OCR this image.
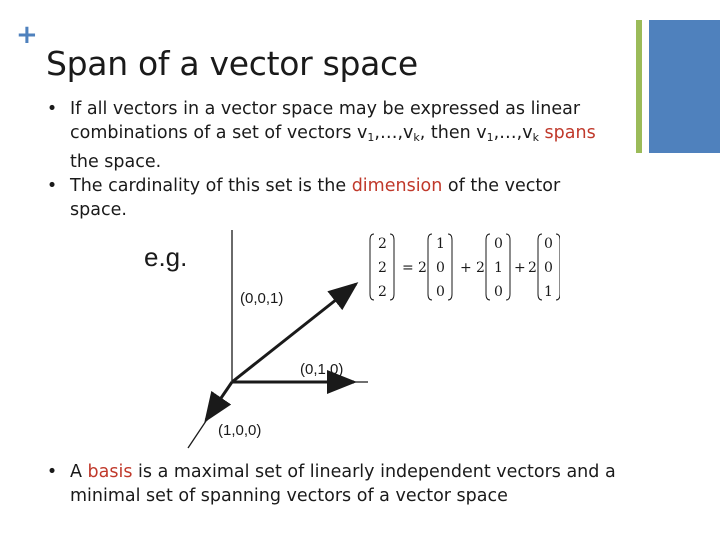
+
Span of a vector space
• If all vectors in a vector space may be expressed as linear combinations of a set of vectors $v_1,\dots,v_k$, then $v_1,\dots,v_k$ spans the space.
• The cardinality of this set is the dimension of the vector space.
e.g.
(0,0,1)
(0,1,0)
(1,0,0)
2
2
2
= 2
1
0
0
+ 2
0
1
0
+ 2
0
0
1
• A basis is a maximal set of linearly independent vectors and a minimal set of spanning vectors of a vector space
